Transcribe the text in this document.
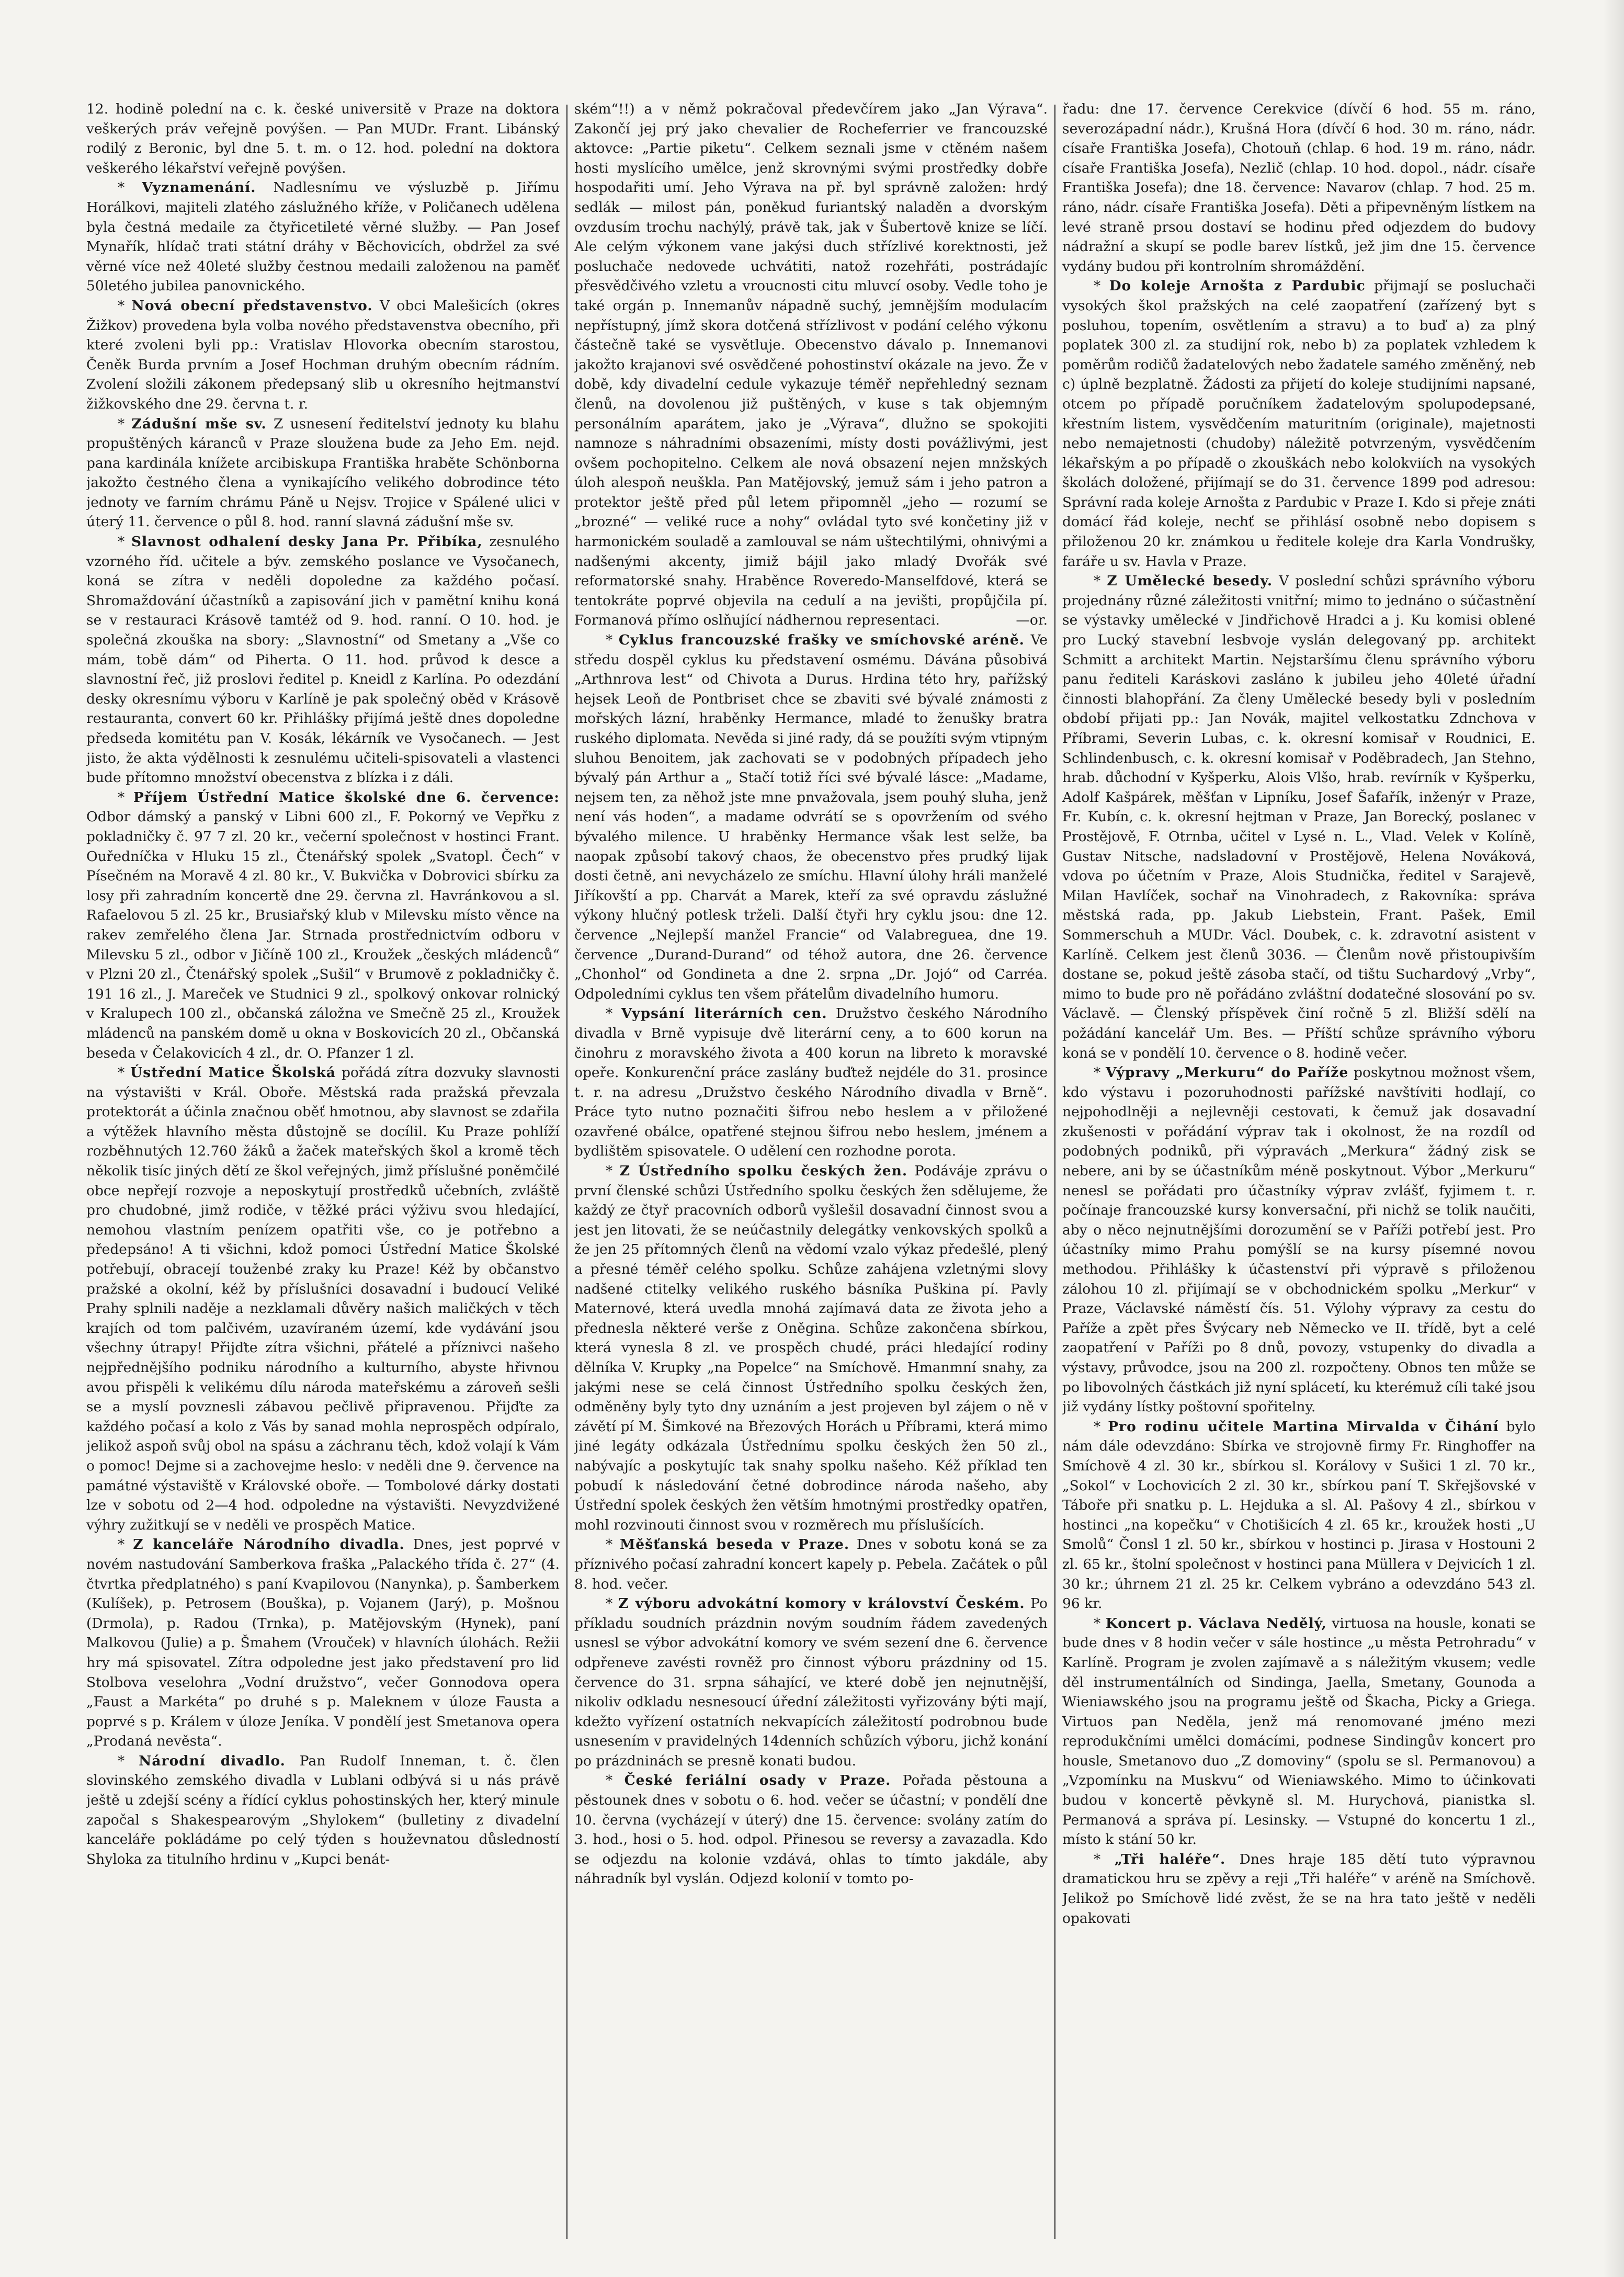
12. hodině polední na c. k. české universitě v Praze na doktora veškerých práv veřejně povýšen. — Pan MUDr. Frant. Libánský rodilý z Beronic, byl dne 5. t. m. o 12. hod. polední na doktora veškerého lékařství veřejně povýšen.

* Vyznamenání. Nadlesnímu ve výsluzbě p. Jiřímu Horálkovi, majiteli zlatého záslužného kříže, v Poličanech udělena byla čestná medaile za čtyřicetileté věrné služby. — Pan Josef Mynařík, hlídač trati státní dráhy v Běchovicích, obdržel za své věrné více než 40leté služby čestnou medaili založenou na paměť 50letého jubilea panovnického.

* Nová obecní představenstvo. V obci Malešicích (okres Žižkov) provedena byla volba nového představenstva obecního, při které zvoleni byli pp.: Vratislav Hlovorka obecním starostou, Čeněk Burda prvním a Josef Hochman druhým obecním rádním. Zvolení složili zákonem předepsaný slib u okresního hejtmanství žižkovského dne 29. června t. r.

* Zádušní mše sv. Z usnesení ředitelství jednoty ku blahu propuštěných káranců v Praze sloužena bude za Jeho Em. nejd. pana kardinála knížete arcibiskupa Františka hraběte Schönborna jakožto čestného člena a vynikajícího velikého dobrodince této jednoty ve farním chrámu Páně u Nejsv. Trojice v Spálené ulici v úterý 11. července o půl 8. hod. ranní slavná zádušní mše sv.

* Slavnost odhalení desky Jana Pr. Přibíka, zesnulého vzorného říd. učitele a býv. zemského poslance ve Vysočanech, koná se zítra v neděli dopoledne za každého počasí. Shromaždování účastníků a zapisování jich v pamětní knihu koná se v restauraci Krásově tamtéž od 9. hod. ranní. O 10. hod. je společná zkouška na sbory: „Slavnostní“ od Smetany a „Vše co mám, tobě dám“ od Piherta. O 11. hod. průvod k desce a slavnostní řeč, již proslovi ředitel p. Kneidl z Karlína. Po odezdání desky okresnímu výboru v Karlíně je pak společný oběd v Krásově restauranta, convert 60 kr. Přihlášky přijímá ještě dnes dopoledne předseda komitétu pan V. Kosák, lékárník ve Vysočanech. — Jest jisto, že akta výdělnosti k zesnulému učiteli-spisovateli a vlastenci bude přítomno množství obecenstva z blízka i z dáli.

* Příjem Ústřední Matice školské dne 6. července: Odbor dámský a panský v Libni 600 zl., F. Pokorný ve Vepřku z pokladničky č. 97 7 zl. 20 kr., večerní společnost v hostinci Frant. Ouředníčka v Hluku 15 zl., Čtenářský spolek „Svatopl. Čech“ v Písečném na Moravě 4 zl. 80 kr., V. Bukvička v Dobrovici sbírku za losy při zahradním koncertě dne 29. června zl. Havránkovou a sl. Rafaelovou 5 zl. 25 kr., Brusiařský klub v Milevsku místo věnce na rakev zemřelého člena Jar. Strnada prostřednictvím odboru v Milevsku 5 zl., odbor v Jičíně 100 zl., Kroužek „českých mládenců“ v Plzni 20 zl., Čtenářský spolek „Sušil“ v Brumově z pokladničky č. 191 16 zl., J. Mareček ve Studnici 9 zl., spolkový onkovar rolnický v Kralupech 100 zl., občanská záložna ve Smečně 25 zl., Kroužek mládenců na panském domě u okna v Boskovicích 20 zl., Občanská beseda v Čelakovicích 4 zl., dr. O. Pfanzer 1 zl.

* Ústřední Matice Školská pořádá zítra dozvuky slavnosti na výstavišti v Král. Oboře. Městská rada pražská převzala protektorát a účinla značnou oběť hmotnou, aby slavnost se zdařila a výtěžek hlavního města důstojně se docílil. Ku Praze pohlíží rozběhnutých 12.760 žáků a žaček mateřských škol a kromě těch několik tisíc jiných dětí ze škol veřejných, jimž příslušné poněmčilé obce nepřejí rozvoje a neposkytují prostředků učebních, zvláště pro chudobné, jimž rodiče, v těžké práci výživu svou hledající, nemohou vlastním penízem opatřiti vše, co je potřebno a předepsáno! A ti všichni, kdož pomoci Ústřední Matice Školské potřebují, obracejí touženbé zraky ku Praze! Kéž by občanstvo pražské a okolní, kéž by příslušníci dosavadní i budoucí Veliké Prahy splnili naděje a nezklamali důvěry našich maličkých v těch krajích od tom palčivém, uzavíraném území, kde vydávání jsou všechny útrapy! Přijďte zítra všichni, přátelé a příznivci našeho nejpřednějšího podniku národního a kulturního, abyste hřivnou avou přispěli k velikému dílu národa mateřskému a zároveň sešli se a myslí povznesli zábavou pečlivě připravenou. Přijďte za každého počasí a kolo z Vás by sanad mohla neprospěch odpíralo, jelikož aspoň svůj obol na spásu a záchranu těch, kdož volají k Vám o pomoc! Dejme si a zachovejme heslo: v neděli dne 9. července na památné výstaviště v Královské oboře. — Tombolové dárky dostati lze v sobotu od 2—4 hod. odpoledne na výstavišti. Nevyzdvižené výhry zužitkují se v neděli ve prospěch Matice.

* Z kanceláře Národního divadla. Dnes, jest poprvé v novém nastudování Samberkova fraška „Palackého třída č. 27“ (4. čtvrtka předplatného) s paní Kvapilovou (Nanynka), p. Šamberkem (Kulíšek), p. Petrosem (Bouška), p. Vojanem (Jarý), p. Mošnou (Drmola), p. Radou (Trnka), p. Matějovským (Hynek), paní Malkovou (Julie) a p. Šmahem (Vrouček) v hlavních úlohách. Režii hry má spisovatel. Zítra odpoledne jest jako představení pro lid Stolbova veselohra „Vodní družstvo“, večer Gonnodova opera „Faust a Markéta“ po druhé s p. Maleknem v úloze Fausta a poprvé s p. Králem v úloze Jeníka. V pondělí jest Smetanova opera „Prodaná nevěsta“.

* Národní divadlo. Pan Rudolf Inneman, t. č. člen slovinského zemského divadla v Lublani odbývá si u nás právě ještě u zdejší scény a řídící cyklus pohostinských her, který minule započal s Shakespearovým „Shylokem“ (bulletiny z divadelní kanceláře pokládáme po celý týden s houževnatou důsledností Shyloka za titulního hrdinu v „Kupci benát-

ském“!!) a v němž pokračoval předevčírem jako „Jan Výrava“. Zakončí jej prý jako chevalier de Rocheferrier ve francouzské aktovce: „Partie piketu“. Celkem seznali jsme v ctěném našem hosti myslícího umělce, jenž skrovnými svými prostředky dobře hospodařiti umí. Jeho Výrava na př. byl správně založen: hrdý sedlák — milost pán, poněkud furiantský naladěn a dvorským ovzdusím trochu nachýlý, právě tak, jak v Šubertově knize se líčí. Ale celým výkonem vane jakýsi duch střízlivé korektnosti, jež posluchače nedovede uchvátiti, natož rozehřáti, postrádajíc přesvědčivého vzletu a vroucnosti citu mluvcí osoby. Vedle toho je také orgán p. Innemanův nápadně suchý, jemnějším modulacím nepřístupný, jímž skora dotčená střízlivost v podání celého výkonu částečně také se vysvětluje. Obecenstvo dávalo p. Innemanovi jakožto krajanovi své osvědčené pohostinství okázale na jevo. Že v době, kdy divadelní cedule vykazuje téměř nepřehledný seznam členů, na dovolenou již puštěných, v kuse s tak objemným personálním aparátem, jako je „Výrava“, dlužno se spokojiti namnoze s náhradními obsazeními, místy dosti povážlivými, jest ovšem pochopitelno. Celkem ale nová obsazení nejen mnžských úloh alespoň neuškla. Pan Matějovský, jemuž sám i jeho patron a protektor ještě před půl letem připomněl „jeho — rozumí se „brozné“ — veliké ruce a nohy“ ovládal tyto své končetiny již v harmonickém souladě a zamlouval se nám uštechtilými, ohnivými a nadšenými akcenty, jimiž bájil jako mladý Dvořák své reformatorské snahy. Hraběnce Roveredo-Manselfdové, která se tentokráte poprvé objevila na cedulí a na jevišti, propůjčila pí. Formanová přímo oslňující nádhernou representaci.	—or.

* Cyklus francouzské frašky ve smíchovské aréně. Ve středu dospěl cyklus ku představení osmému. Dávána působivá „Arthnrova lest“ od Chivota a Durus. Hrdina této hry, pařížský hejsek Leoň de Pontbriset chce se zbaviti své bývalé známosti z mořských lázní, hraběnky Hermance, mladé to ženušky bratra ruského diplomata. Nevěda si jiné rady, dá se použíti svým vtipným sluhou Benoitem, jak zachovati se v podobných případech jeho bývalý pán Arthur a „ Stačí totiž říci své bývalé lásce: „Madame, nejsem ten, za něhož jste mne pnvažovala, jsem pouhý sluha, jenž není vás hoden“, a madame odvrátí se s opovržením od svého bývalého milence. U hraběnky Hermance však lest selže, ba naopak způsobí takový chaos, že obecenstvo přes prudký lijak dosti četně, ani nevycházelo ze smíchu. Hlavní úlohy hráli manželé Jiříkovští a pp. Charvát a Marek, kteří za své opravdu záslužné výkony hlučný potlesk trželi. Další čtyři hry cyklu jsou: dne 12. července „Nejlepší manžel Francie“ od Valabreguea, dne 19. července „Durand-Durand“ od téhož autora, dne 26. července „Chonhol“ od Gondineta a dne 2. srpna „Dr. Jojó“ od Carréa. Odpoledními cyklus ten všem přátelům divadelního humoru.

* Vypsání literárních cen. Družstvo českého Národního divadla v Brně vypisuje dvě literární ceny, a to 600 korun na činohru z moravského života a 400 korun na libreto k moravské opeře. Konkurenční práce zaslány buďtež nejdéle do 31. prosince t. r. na adresu „Družstvo českého Národního divadla v Brně“. Práce tyto nutno poznačiti šifrou nebo heslem a v přiložené ozavřené obálce, opatřené stejnou šifrou nebo heslem, jménem a bydlištěm spisovatele. O udělení cen rozhodne porota.

* Z Ústředního spolku českých žen. Podáváje zprávu o první členské schůzi Ústředního spolku českých žen sdělujeme, že každý ze čtyř pracovních odborů vyšlešil dosavadní činnost svou a jest jen litovati, že se neúčastnily delegátky venkovských spolků a že jen 25 přítomných členů na vědomí vzalo výkaz předešlé, plený a přesné téměř celého spolku. Schůze zahájena vzletnými slovy nadšené ctitelky velikého ruského básníka Puškina pí. Pavly Maternové, která uvedla mnohá zajímavá data ze života jeho a přednesla některé verše z Oněgina. Schůze zakončena sbírkou, která vynesla 8 zl. ve prospěch chudé, práci hledající rodiny dělníka V. Krupky „na Popelce“ na Smíchově. Hmanmní snahy, za jakými nese se celá činnost Ústředního spolku českých žen, odměněny byly tyto dny uznáním a jest projeven byl zájem o ně v závětí pí M. Šimkové na Březových Horách u Příbrami, která mimo jiné legáty odkázala Ústřednímu spolku českých žen 50 zl., nabývajíc a poskytujíc tak snahy spolku našeho. Kéž příklad ten pobudí k následování četné dobrodince národa našeho, aby Ústřední spolek českých žen větším hmotnými prostředky opatřen, mohl rozvinouti činnost svou v rozměrech mu příslušících.

* Měšťanská beseda v Praze. Dnes v sobotu koná se za příznivého počasí zahradní koncert kapely p. Pebela. Začátek o půl 8. hod. večer.

* Z výboru advokátní komory v království Českém. Po příkladu soudních prázdnin novým soudním řádem zavedených usnesl se výbor advokátní komory ve svém sezení dne 6. července odpřeneve zavésti rovněž pro činnost výboru prázdniny od 15. července do 31. srpna sáhající, ve které době jen nejnutnější, nikoliv odkladu nesnesoucí úřední záležitosti vyřizovány býti mají, kdežto vyřízení ostatních nekvapících záležitostí podrobnou bude usnesením v pravidelných 14denních schůzích výboru, jichž konání po prázdninách se presně konati budou.

* České feriální osady v Praze. Pořada pěstouna a pěstounek dnes v sobotu o 6. hod. večer se účastní; v pondělí dne 10. června (vycházejí v úterý) dne 15. července: svolány zatím do 3. hod., hosi o 5. hod. odpol. Přinesou se reversy a zavazadla. Kdo se odjezdu na kolonie vzdává, ohlas to tímto jakdále, aby náhradník byl vyslán. Odjezd kolonií v tomto po-

řadu: dne 17. července Cerekvice (dívčí 6 hod. 55 m. ráno, severozápadní nádr.), Krušná Hora (dívčí 6 hod. 30 m. ráno, nádr. císaře Františka Josefa), Chotouň (chlap. 6 hod. 19 m. ráno, nádr. císaře Františka Josefa), Nezlič (chlap. 10 hod. dopol., nádr. císaře Františka Josefa); dne 18. července: Navarov (chlap. 7 hod. 25 m. ráno, nádr. císaře Františka Josefa). Děti a připevněným lístkem na levé straně prsou dostaví se hodinu před odjezdem do budovy nádražní a skupí se podle barev lístků, jež jim dne 15. července vydány budou při kontrolním shromáždění.

* Do koleje Arnošta z Pardubic přijmají se posluchači vysokých škol pražských na celé zaopatření (zařízený byt s posluhou, topením, osvětlením a stravu) a to buď a) za plný poplatek 300 zl. za studijní rok, nebo b) za poplatek vzhledem k poměrům rodičů žadatelových nebo žadatele samého změněný, neb c) úplně bezplatně. Žádosti za přijetí do koleje studijními napsané, otcem po případě poručníkem žadatelovým spolupodepsané, křestním listem, vysvědčením maturitním (originale), majetnosti nebo nemajetnosti (chudoby) náležitě potvrzeným, vysvědčením lékařským a po případě o zkouškách nebo kolokviích na vysokých školách doložené, přijímají se do 31. července 1899 pod adresou: Správní rada koleje Arnošta z Pardubic v Praze I. Kdo si přeje znáti domácí řád koleje, nechť se přihlásí osobně nebo dopisem s přiloženou 20 kr. známkou u ředitele koleje dra Karla Vondrušky, faráře u sv. Havla v Praze.

* Z Umělecké besedy. V poslední schůzi správního výboru projednány různé záležitosti vnitřní; mimo to jednáno o súčastnění se výstavky umělecké v Jindřichově Hradci a j. Ku komisi oblené pro Lucký stavební lesbvoje vyslán delegovaný pp. architekt Schmitt a architekt Martin. Nejstaršímu členu správního výboru panu řediteli Karáskovi zasláno k jubileu jeho 40leté úřadní činnosti blahopřání. Za členy Umělecké besedy byli v posledním období přijati pp.: Jan Novák, majitel velkostatku Zdnchova v Příbrami, Severin Lubas, c. k. okresní komisař v Roudnici, E. Schlindenbusch, c. k. okresní komisař v Poděbradech, Jan Stehno, hrab. důchodní v Kyšperku, Alois Vlšo, hrab. revírník v Kyšperku, Adolf Kašpárek, měšťan v Lipníku, Josef Šafařík, inženýr v Praze, Fr. Kubín, c. k. okresní hejtman v Praze, Jan Borecký, poslanec v Prostějově, F. Otrnba, učitel v Lysé n. L., Vlad. Velek v Kolíně, Gustav Nitsche, nadsladovní v Prostějově, Helena Nováková, vdova po účetním v Praze, Alois Studnička, ředitel v Sarajevě, Milan Havlíček, sochař na Vinohradech, z Rakovníka: správa městská rada, pp. Jakub Liebstein, Frant. Pašek, Emil Sommerschuh a MUDr. Václ. Doubek, c. k. zdravotní asistent v Karlíně. Celkem jest členů 3036. — Členům nově přistoupivším dostane se, pokud ještě zásoba stačí, od tištu Suchardový „Vrby“, mimo to bude pro ně pořádáno zvláštní dodatečné slosování po sv. Václavě. — Členský příspěvek činí ročně 5 zl. Bližší sdělí na požádání kancelář Um. Bes. — Příští schůze správního výboru koná se v pondělí 10. července o 8. hodině večer.

* Výpravy „Merkuru“ do Paříže poskytnou možnost všem, kdo výstavu i pozoruhodnosti pařížské navštíviti hodlají, co nejpohodlněji a nejlevněji cestovati, k čemuž jak dosavadní zkušenosti v pořádání výprav tak i okolnost, že na rozdíl od podobných podniků, při výpravách „Merkura“ žádný zisk se nebere, ani by se účastníkům méně poskytnout. Výbor „Merkuru“ nenesl se pořádati pro účastníky výprav zvlášť, fyjimem t. r. počínaje francouzské kursy konversační, při nichž se tolik naučiti, aby o něco nejnutnějšími dorozumění se v Paříži potřebí jest. Pro účastníky mimo Prahu pomýšlí se na kursy písemné novou methodou. Přihlášky k účastenství při výpravě s přiloženou zálohou 10 zl. přijímají se v obchodnickém spolku „Merkur“ v Praze, Václavské náměstí čís. 51. Výlohy výpravy za cestu do Paříže a zpět přes Švýcary neb Německo ve II. třídě, byt a celé zaopatření v Paříži po 8 dnů, povozy, vstupenky do divadla a výstavy, průvodce, jsou na 200 zl. rozpočteny. Obnos ten může se po libovolných částkách již nyní splácetí, ku kterémuž cíli také jsou již vydány lístky poštovní spořitelny.

* Pro rodinu učitele Martina Mirvalda v Čihání bylo nám dále odevzdáno: Sbírka ve strojovně firmy Fr. Ringhoffer na Smíchově 4 zl. 30 kr., sbírkou sl. Korálovy v Sušici 1 zl. 70 kr., „Sokol“ v Lochovicích 2 zl. 30 kr., sbírkou paní T. Skřejšovské v Táboře při snatku p. L. Hejduka a sl. Al. Pašovy 4 zl., sbírkou v hostinci „na kopečku“ v Chotišicích 4 zl. 65 kr., kroužek hosti „U Smolů“ Čonsl 1 zl. 50 kr., sbírkou v hostinci p. Jirasa v Hostouni 2 zl. 65 kr., štolní společnost v hostinci pana Müllera v Dejvicích 1 zl. 30 kr.; úhrnem 21 zl. 25 kr. Celkem vybráno a odevzdáno 543 zl. 96 kr.

* Koncert p. Václava Nedělý, virtuosa na housle, konati se bude dnes v 8 hodin večer v sále hostince „u města Petrohradu“ v Karlíně. Program je zvolen zajímavě a s náležitým vkusem; vedle děl instrumentálních od Sindinga, Jaella, Smetany, Gounoda a Wieniawského jsou na programu ještě od Škacha, Picky a Griega. Virtuos pan Neděla, jenž má renomované jméno mezi reprodukčními umělci domácími, podnese Sindingův koncert pro housle, Smetanovo duo „Z domoviny“ (spolu se sl. Permanovou) a „Vzpomínku na Muskvu“ od Wieniawského. Mimo to účinkovati budou v koncertě pěvkyně sl. M. Hurychová, pianistka sl. Permanová a správa pí. Lesinsky. — Vstupné do koncertu 1 zl., místo k stání 50 kr.

* „Tři haléře“. Dnes hraje 185 dětí tuto výpravnou dramatickou hru se zpěvy a reji „Tři haléře“ v aréně na Smíchově. Jelikož po Smíchově lidé zvěst, že se na hra tato ještě v neděli opakovati
